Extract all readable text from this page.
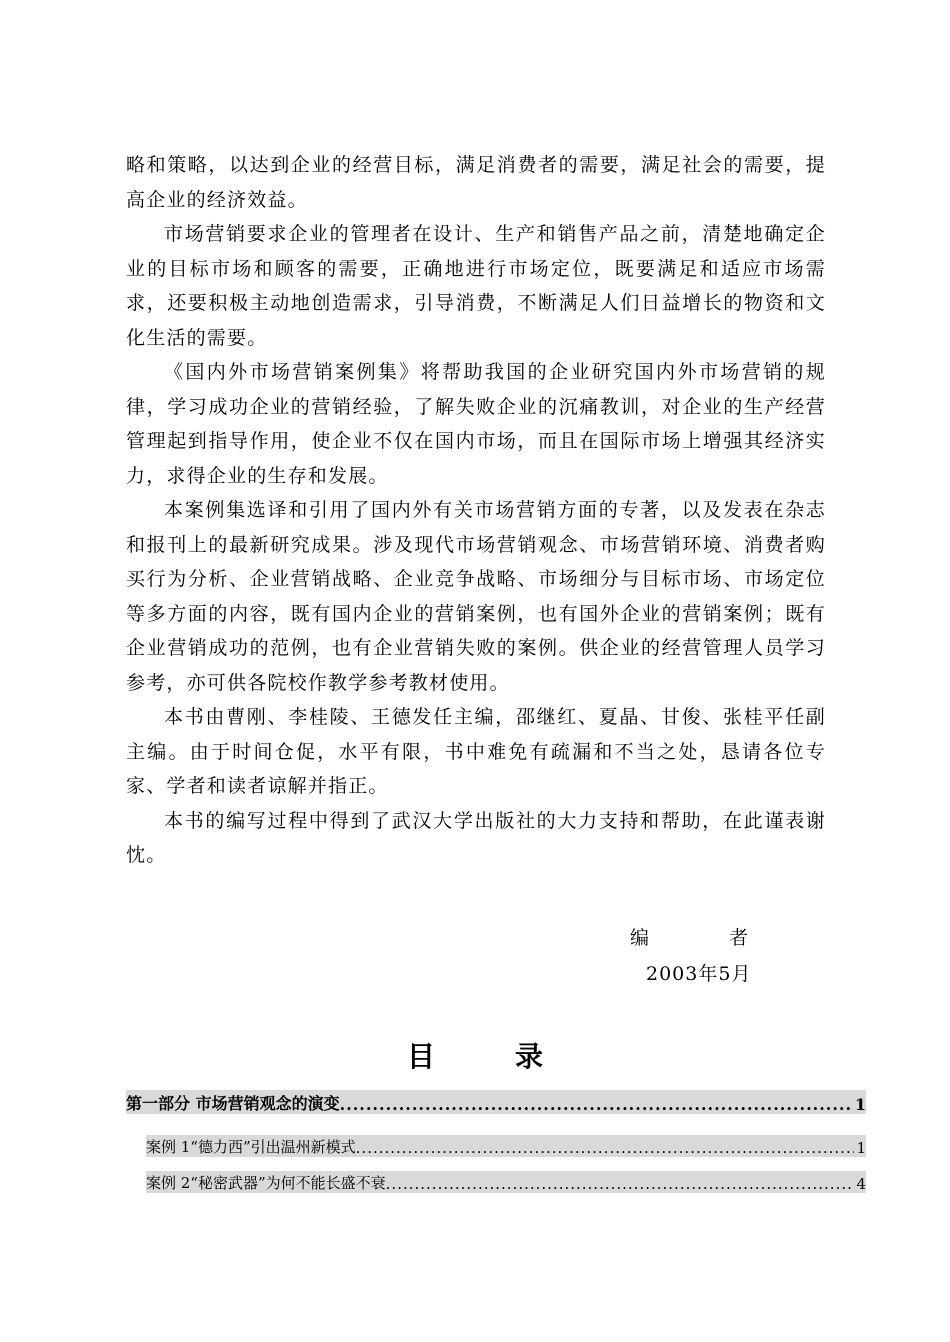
略和策略，以达到企业的经营目标，满足消费者的需要，满足社会的需要，提高企业的经济效益。

市场营销要求企业的管理者在设计、生产和销售产品之前，清楚地确定企业的目标市场和顾客的需要，正确地进行市场定位，既要满足和适应市场需求，还要积极主动地创造需求，引导消费，不断满足人们日益增长的物资和文化生活的需要。

《国内外市场营销案例集》将帮助我国的企业研究国内外市场营销的规律，学习成功企业的营销经验，了解失败企业的沉痛教训，对企业的生产经营管理起到指导作用，使企业不仅在国内市场，而且在国际市场上增强其经济实力，求得企业的生存和发展。

本案例集选译和引用了国内外有关市场营销方面的专著，以及发表在杂志和报刊上的最新研究成果。涉及现代市场营销观念、市场营销环境、消费者购买行为分析、企业营销战略、企业竞争战略、市场细分与目标市场、市场定位等多方面的内容，既有国内企业的营销案例，也有国外企业的营销案例；既有企业营销成功的范例，也有企业营销失败的案例。供企业的经营管理人员学习参考，亦可供各院校作教学参考教材使用。

本书由曹刚、李桂陵、王德发任主编，邵继红、夏晶、甘俊、张桂平任副主编。由于时间仓促，水平有限，书中难免有疏漏和不当之处，恳请各位专家、学者和读者谅解并指正。

本书的编写过程中得到了武汉大学出版社的大力支持和帮助，在此谨表谢忱。

编	者
2003年5月
目录
第一部分 市场营销观念的演变 .....	1
案例 1“德力西”引出温州新模式 .....	1
案例 2“秘密武器”为何不能长盛不衰 .....	4
